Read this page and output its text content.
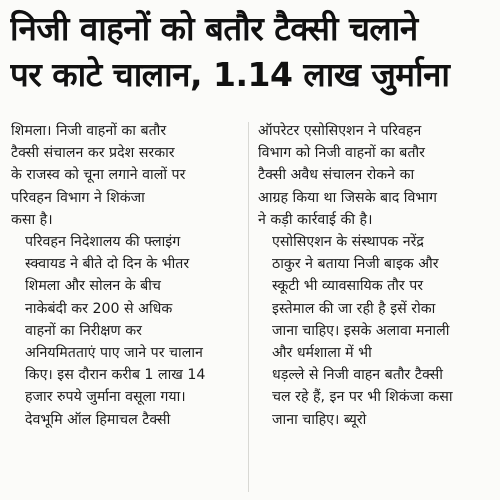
निजी वाहनों को बतौर टैक्सी चलाने
पर काटे चालान, 1.14 लाख जुर्माना

शिमला। निजी वाहनों का बतौर
टैक्सी संचालन कर प्रदेश सरकार
के राजस्व को चूना लगाने वालों पर
परिवहन विभाग ने शिकंजा
कसा है।

परिवहन निदेशालय की फ्लाइंग
स्क्वायड ने बीते दो दिन के भीतर
शिमला और सोलन के बीच
नाकेबंदी कर 200 से अधिक
वाहनों का निरीक्षण कर
अनियमितताएं पाए जाने पर चालान
किए। इस दौरान करीब 1 लाख 14
हजार रुपये जुर्माना वसूला गया।
देवभूमि ऑल हिमाचल टैक्सी

ऑपरेटर एसोसिएशन ने परिवहन
विभाग को निजी वाहनों का बतौर
टैक्सी अवैध संचालन रोकने का
आग्रह किया था जिसके बाद विभाग
ने कड़ी कार्रवाई की है।

एसोसिएशन के संस्थापक नरेंद्र
ठाकुर ने बताया निजी बाइक और
स्कूटी भी व्यावसायिक तौर पर
इस्तेमाल की जा रही है इसें रोका
जाना चाहिए। इसके अलावा मनाली
और धर्मशाला में भी
धड़ल्ले से निजी वाहन बतौर टैक्सी
चल रहे हैं, इन पर भी शिकंजा कसा
जाना चाहिए। ब्यूरो
